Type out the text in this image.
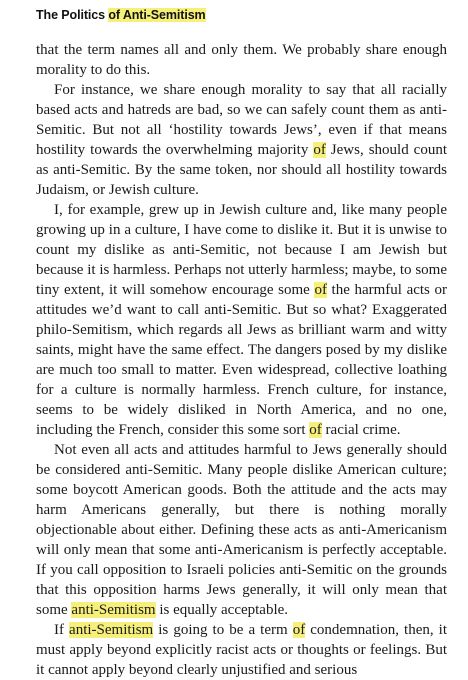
The Politics of Anti-Semitism

that the term names all and only them. We probably share enough morality to do this.

For instance, we share enough morality to say that all racially based acts and hatreds are bad, so we can safely count them as anti-Semitic. But not all ‘hostility towards Jews’, even if that means hostility towards the overwhelming majority of Jews, should count as anti-Semitic. By the same token, nor should all hostility towards Judaism, or Jewish culture.

I, for example, grew up in Jewish culture and, like many people growing up in a culture, I have come to dislike it. But it is unwise to count my dislike as anti-Semitic, not because I am Jewish but because it is harmless. Perhaps not utterly harmless; maybe, to some tiny extent, it will somehow encourage some of the harmful acts or attitudes we’d want to call anti-Semitic. But so what? Exaggerated philo-Semitism, which regards all Jews as brilliant warm and witty saints, might have the same effect. The dangers posed by my dislike are much too small to matter. Even widespread, collective loathing for a culture is normally harmless. French culture, for instance, seems to be widely disliked in North America, and no one, including the French, consider this some sort of racial crime.

Not even all acts and attitudes harmful to Jews generally should be considered anti-Semitic. Many people dislike American culture; some boycott American goods. Both the attitude and the acts may harm Americans generally, but there is nothing morally objectionable about either. Defining these acts as anti-Americanism will only mean that some anti-Americanism is perfectly acceptable. If you call opposition to Israeli policies anti-Semitic on the grounds that this opposition harms Jews generally, it will only mean that some anti-Semitism is equally acceptable.

If anti-Semitism is going to be a term of condemnation, then, it must apply beyond explicitly racist acts or thoughts or feelings. But it cannot apply beyond clearly unjustified and serious
